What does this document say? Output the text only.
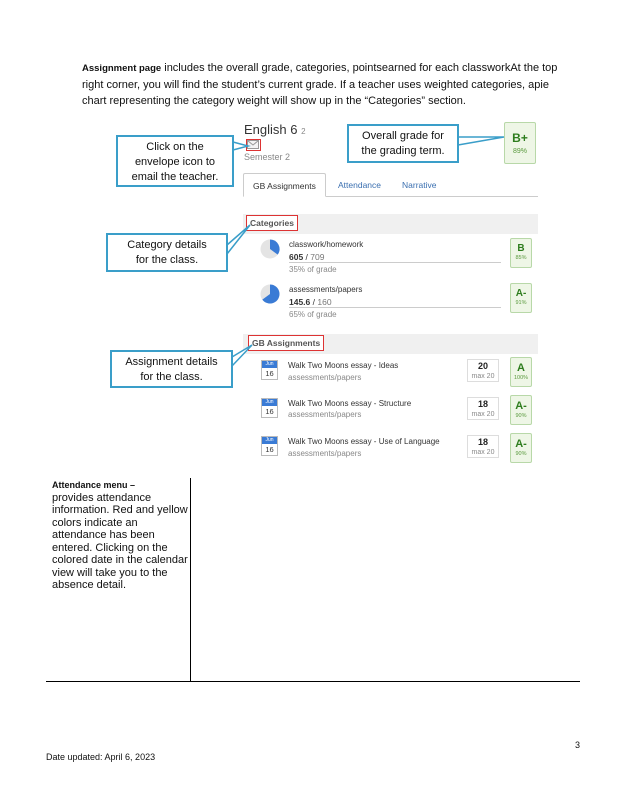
Assignment page includes the overall grade, categories, pointsearned for each classworkAt the top right corner, you will find the student’s current grade. If a teacher uses weighted categories, apie chart representing the category weight will show up in the “Categories” section.

English 6 2
Semester 2
B+
89%
GB Assignments	Attendance	Narrative
Categories
classwork/homework
605 / 709
35% of grade
B
85%
assessments/papers
145.6 / 160
65% of grade
A-
91%
GB Assignments
Jun
16
Walk Two Moons essay - Ideas
assessments/papers
20
max 20
A
100%
Jun
16
Walk Two Moons essay - Structure
assessments/papers
18
max 20
A-
90%
Jun
16
Walk Two Moons essay - Use of Language
assessments/papers
18
max 20
A-
90%
Click on the envelope icon to email the teacher.
Overall grade for the grading term.
Category details for the class.
Assignment details for the class.

Attendance menu –
provides attendance information. Red and yellow colors indicate an attendance has been entered. Clicking on the colored date in the calendar view will take you to the absence detail.

3
Date updated: April 6, 2023
